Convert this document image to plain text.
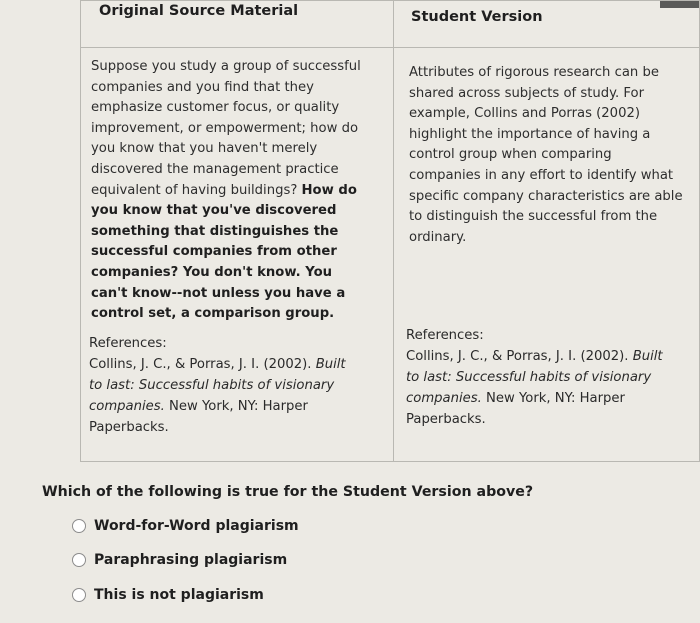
Original Source Material	Student Version
Suppose you study a group of successful
companies and you find that they
emphasize customer focus, or quality
improvement, or empowerment; how do
you know that you haven't merely
discovered the management practice
equivalent of having buildings? How do
you know that you've discovered
something that distinguishes the
successful companies from other
companies? You don't know. You
can't know--not unless you have a
control set, a comparison group.
References:
Collins, J. C., & Porras, J. I. (2002). Built
to last: Successful habits of visionary
companies. New York, NY: Harper
Paperbacks.
Attributes of rigorous research can be
shared across subjects of study. For
example, Collins and Porras (2002)
highlight the importance of having a
control group when comparing
companies in any effort to identify what
specific company characteristics are able
to distinguish the successful from the
ordinary.
References:
Collins, J. C., & Porras, J. I. (2002). Built
to last: Successful habits of visionary
companies. New York, NY: Harper
Paperbacks.
Which of the following is true for the Student Version above?
Word-for-Word plagiarism
Paraphrasing plagiarism
This is not plagiarism
